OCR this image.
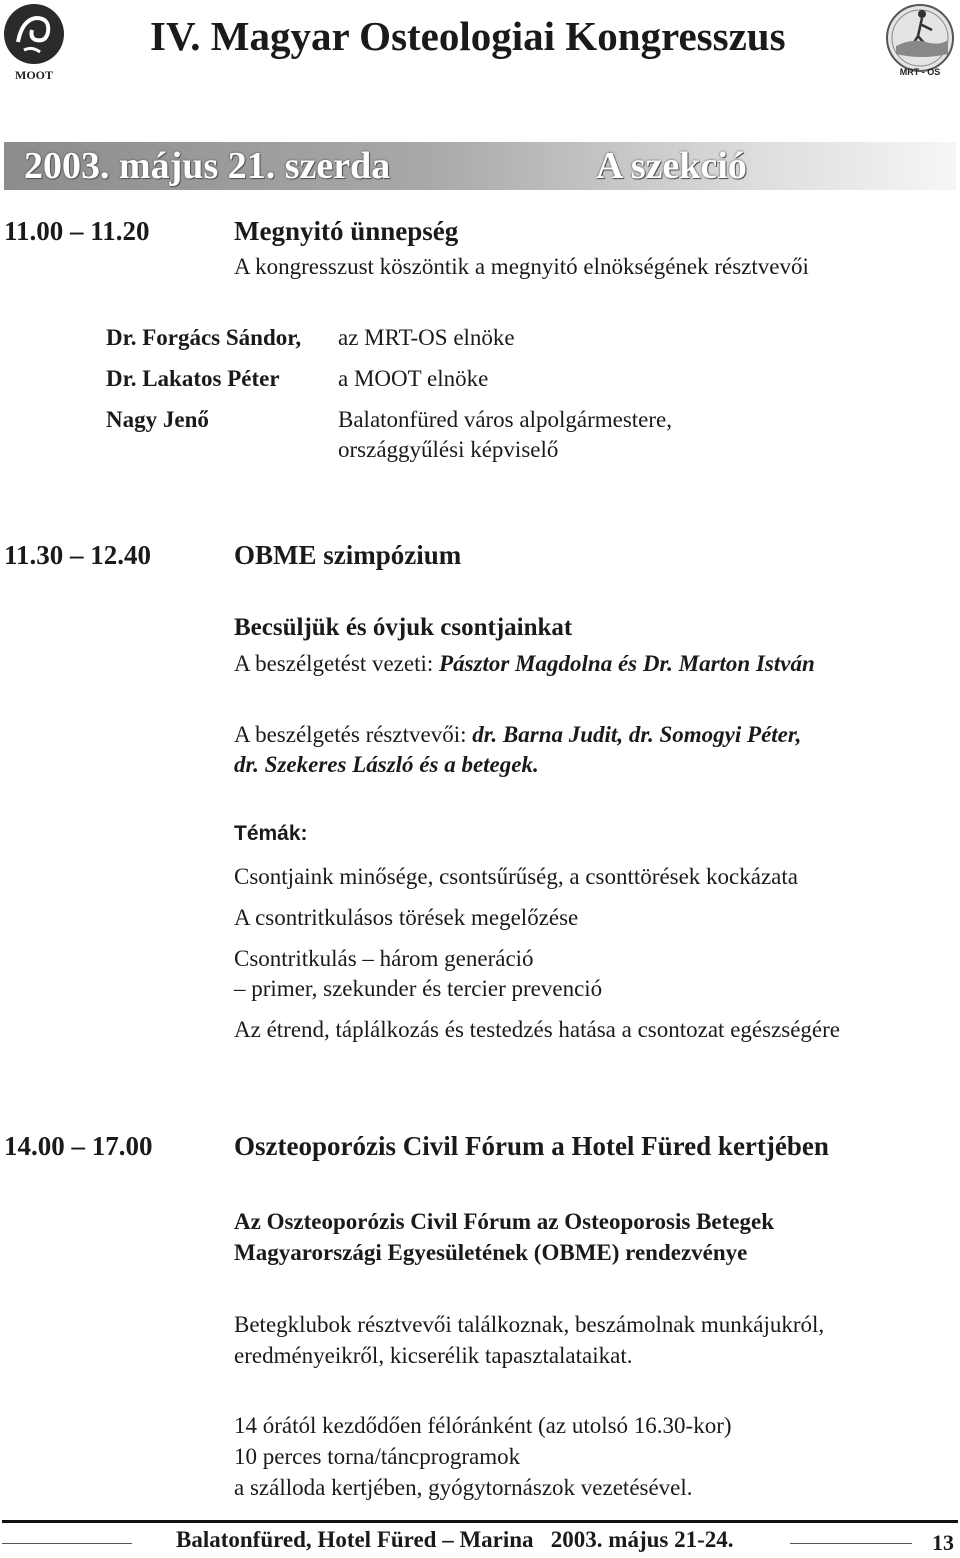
MOOT
IV. Magyar Osteologiai Kongresszus
MRT - OS
2003. május 21. szerda	A szekció
11.00 – 11.20	Megnyitó ünnepség
A kongresszust köszöntik a megnyitó elnökségének résztvevői
Dr. Forgács Sándor, az MRT-OS elnöke
Dr. Lakatos Péter	a MOOT elnöke
Nagy Jenő	Balatonfüred város alpolgármestere,
országgyűlési képviselő
11.30 – 12.40	OBME szimpózium
Becsüljük és óvjuk csontjainkat
A beszélgetést vezeti: Pásztor Magdolna és Dr. Marton István
A beszélgetés résztvevői: dr. Barna Judit, dr. Somogyi Péter,
dr. Szekeres László és a betegek.
Témák:
Csontjaink minősége, csontsűrűség, a csonttörések kockázata
A csontritkulásos törések megelőzése
Csontritkulás – három generáció
– primer, szekunder és tercier prevenció
Az étrend, táplálkozás és testedzés hatása a csontozat egészségére
14.00 – 17.00	Oszteoporózis Civil Fórum a Hotel Füred kertjében
Az Oszteoporózis Civil Fórum az Osteoporosis Betegek
Magyarországi Egyesületének (OBME) rendezvénye
Betegklubok résztvevői találkoznak, beszámolnak munkájukról,
eredményeikről, kicserélik tapasztalataikat.
14 órától kezdődően félóránként (az utolsó 16.30-kor)
10 perces torna/táncprogramok
a szálloda kertjében, gyógytornászok vezetésével.
Balatonfüred, Hotel Füred – Marina   2003. május 21-24.	13
